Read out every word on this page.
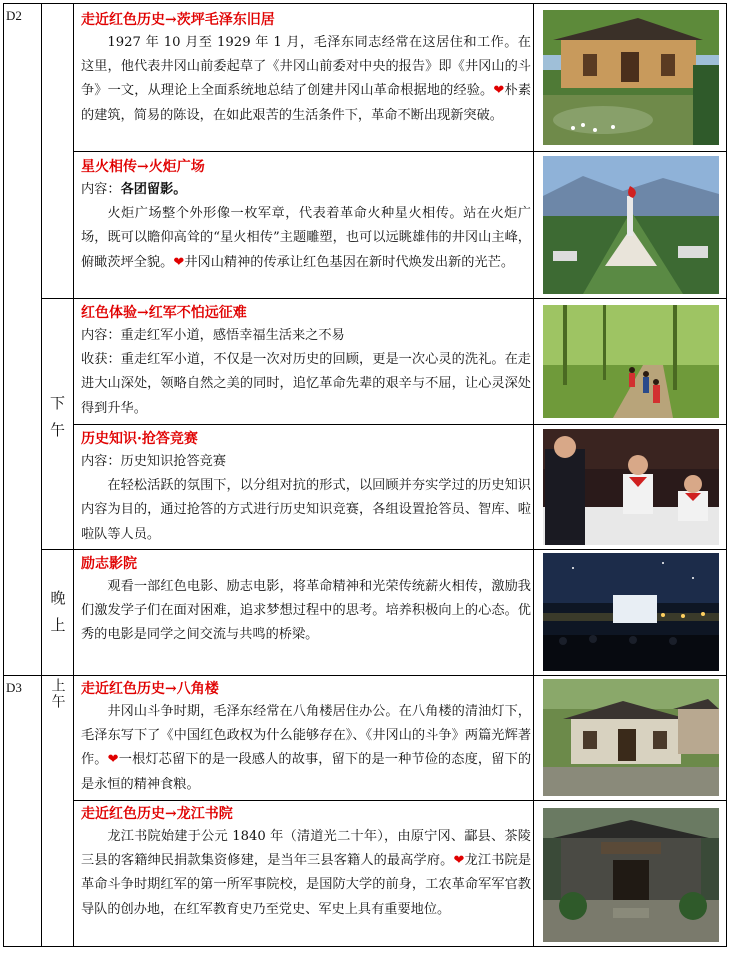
D2
D3
下午
晚上
上午
走近红色历史→茨坪毛泽东旧居

1927 年 10 月至 1929 年 1 月，毛泽东同志经常在这居住和工作。在这里，他代表井冈山前委起草了《井冈山前委对中央的报告》即《井冈山的斗争》一文，从理论上全面系统地总结了创建井冈山革命根据地的经验。❤朴素的建筑，简易的陈设，在如此艰苦的生活条件下，革命不断出现新突破。

星火相传→火炬广场

内容：各团留影。

火炬广场整个外形像一枚军章，代表着革命火种星火相传。站在火炬广场，既可以瞻仰高耸的“星火相传”主题雕塑，也可以远眺雄伟的井冈山主峰，俯瞰茨坪全貌。❤井冈山精神的传承让红色基因在新时代焕发出新的光芒。

红色体验→红军不怕远征难

内容：重走红军小道，感悟幸福生活来之不易

收获：重走红军小道，不仅是一次对历史的回顾，更是一次心灵的洗礼。在走进大山深处，领略自然之美的同时，追忆革命先辈的艰辛与不屈，让心灵深处得到升华。

历史知识·抢答竞赛

内容：历史知识抢答竞赛

在轻松活跃的氛围下，以分组对抗的形式，以回顾并夯实学过的历史知识内容为目的，通过抢答的方式进行历史知识竞赛，各组设置抢答员、智库、啦啦队等人员。

励志影院

观看一部红色电影、励志电影，将革命精神和光荣传统薪火相传，激励我们激发学子们在面对困难，追求梦想过程中的思考。培养积极向上的心态。优秀的电影是同学之间交流与共鸣的桥梁。

走近红色历史→八角楼

井冈山斗争时期，毛泽东经常在八角楼居住办公。在八角楼的清油灯下，毛泽东写下了《中国红色政权为什么能够存在》、《井冈山的斗争》两篇光辉著作。❤一根灯芯留下的是一段感人的故事，留下的是一种节俭的态度，留下的是永恒的精神食粮。

走近红色历史→龙江书院

龙江书院始建于公元 1840 年（清道光二十年），由原宁冈、酃县、茶陵三县的客籍绅民捐款集资修建，是当年三县客籍人的最高学府。❤龙江书院是革命斗争时期红军的第一所军事院校，是国防大学的前身，工农革命军军官教导队的创办地，在红军教育史乃至党史、军史上具有重要地位。
